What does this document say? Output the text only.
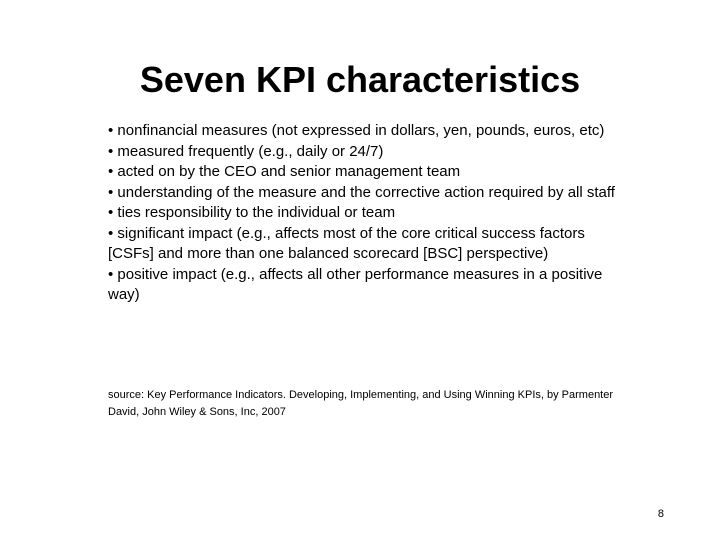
Seven KPI characteristics
• nonfinancial measures (not expressed in dollars, yen, pounds, euros, etc)
• measured frequently (e.g., daily or 24/7)
• acted on by the CEO and senior management team
• understanding of the measure and the corrective action required by all staff
• ties responsibility to the individual or team
• significant impact (e.g., affects most of the core critical success factors [CSFs] and more than one balanced scorecard [BSC] perspective)
• positive impact (e.g., affects all other performance measures in a positive way)

source: Key Performance Indicators. Developing, Implementing, and Using Winning KPIs, by Parmenter David, John Wiley & Sons, Inc, 2007

8
